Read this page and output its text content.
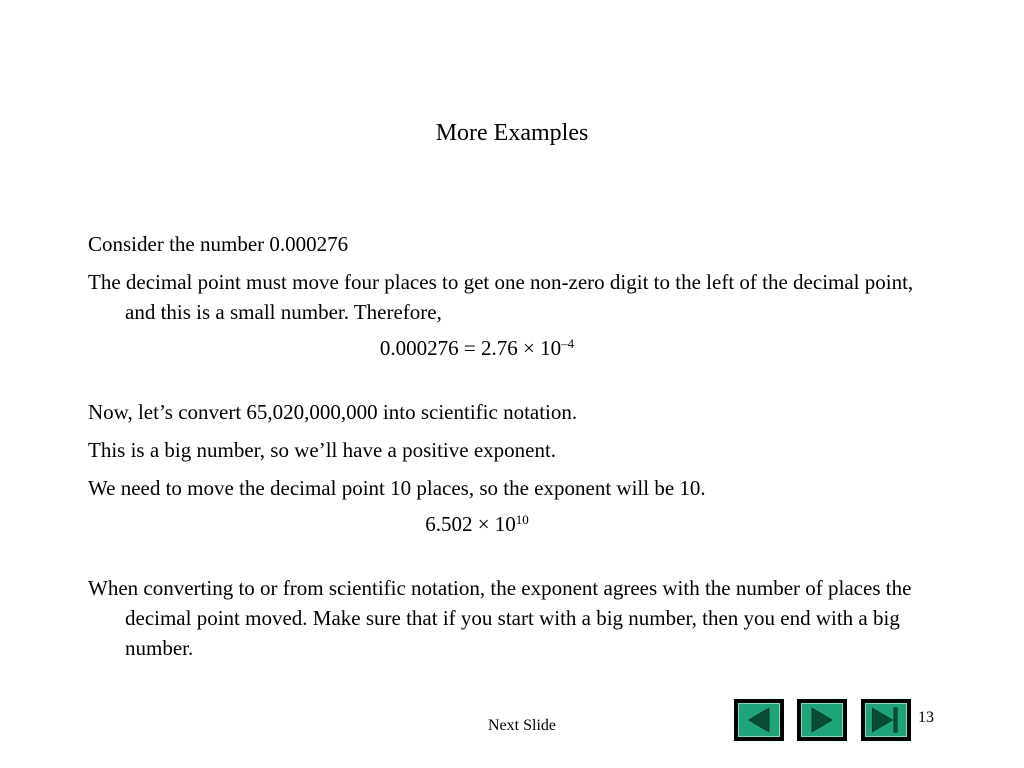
More Examples

Consider the number 0.000276

The decimal point must move four places to get one non-zero digit to the left of the decimal point, and this is a small number. Therefore,

$0.000276 = 2.76 \times 10^{-4}$

Now, let’s convert 65,020,000,000 into scientific notation.

This is a big number, so we’ll have a positive exponent.

We need to move the decimal point 10 places, so the exponent will be 10.

$6.502 \times 10^{10}$

When converting to or from scientific notation, the exponent agrees with the number of places the decimal point moved. Make sure that if you start with a big number, then you end with a big number.

Next Slide	13
